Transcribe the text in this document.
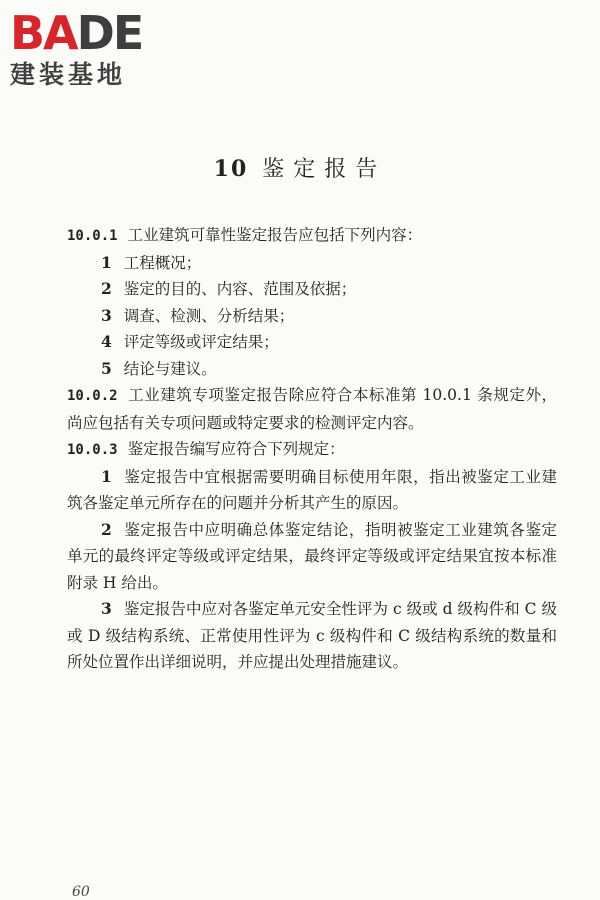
BADE
建装基地
10 鉴定报告

10.0.1 工业建筑可靠性鉴定报告应包括下列内容：

1 工程概况；

2 鉴定的目的、内容、范围及依据；

3 调查、检测、分析结果；

4 评定等级或评定结果；

5 结论与建议。

10.0.2 工业建筑专项鉴定报告除应符合本标准第 10.0.1 条规定外，尚应包括有关专项问题或特定要求的检测评定内容。

10.0.3 鉴定报告编写应符合下列规定：

1 鉴定报告中宜根据需要明确目标使用年限，指出被鉴定工业建筑各鉴定单元所存在的问题并分析其产生的原因。

2 鉴定报告中应明确总体鉴定结论，指明被鉴定工业建筑各鉴定单元的最终评定等级或评定结果，最终评定等级或评定结果宜按本标准附录 H 给出。

3 鉴定报告中应对各鉴定单元安全性评为 c 级或 d 级构件和 C 级或 D 级结构系统、正常使用性评为 c 级构件和 C 级结构系统的数量和所处位置作出详细说明，并应提出处理措施建议。

60
